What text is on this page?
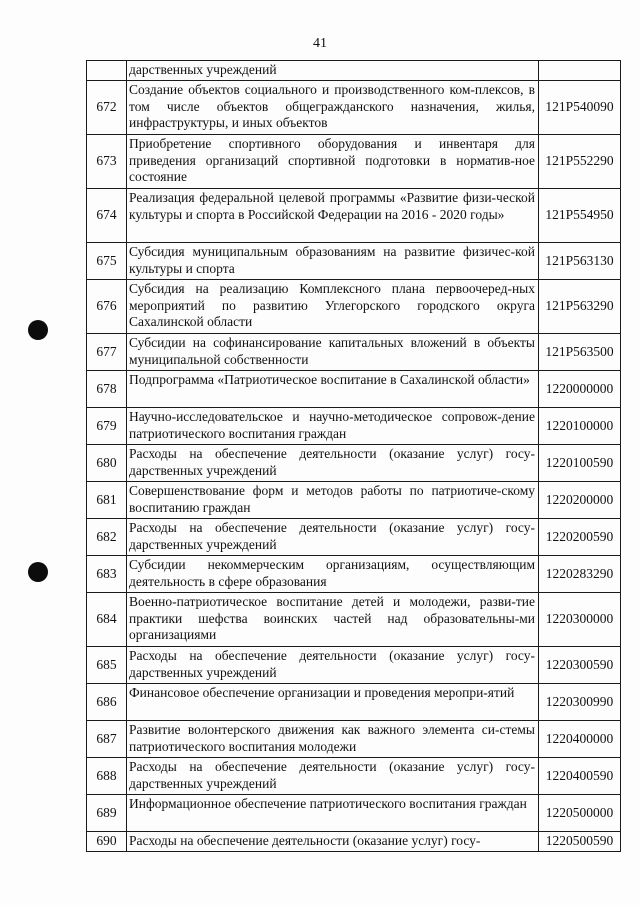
41
	дарственных учреждений	
672	Создание объектов социального и производственного ком-плексов, в том числе объектов общегражданского назначения, жилья, инфраструктуры, и иных объектов	121P540090
673	Приобретение спортивного оборудования и инвентаря для приведения организаций спортивной подготовки в норматив-ное состояние	121P552290
674	Реализация федеральной целевой программы «Развитие физи-ческой культуры и спорта в Российской Федерации на 2016 - 2020 годы»	121P554950
675	Субсидия муниципальным образованиям на развитие физичес-кой культуры и спорта	121P563130
676	Субсидия на реализацию Комплексного плана первоочеред-ных мероприятий по развитию Углегорского городского округа Сахалинской области	121P563290
677	Субсидии на софинансирование капитальных вложений в объекты муниципальной собственности	121P563500
678	Подпрограмма «Патриотическое воспитание в Сахалинской области»	1220000000
679	Научно-исследовательское и научно-методическое сопровож-дение патриотического воспитания граждан	1220100000
680	Расходы на обеспечение деятельности (оказание услуг) госу-дарственных учреждений	1220100590
681	Совершенствование форм и методов работы по патриотиче-скому воспитанию граждан	1220200000
682	Расходы на обеспечение деятельности (оказание услуг) госу-дарственных учреждений	1220200590
683	Субсидии некоммерческим организациям, осуществляющим деятельность в сфере образования	1220283290
684	Военно-патриотическое воспитание детей и молодежи, разви-тие практики шефства воинских частей над образовательны-ми организациями	1220300000
685	Расходы на обеспечение деятельности (оказание услуг) госу-дарственных учреждений	1220300590
686	Финансовое обеспечение организации и проведения меропри-ятий	1220300990
687	Развитие волонтерского движения как важного элемента си-стемы патриотического воспитания молодежи	1220400000
688	Расходы на обеспечение деятельности (оказание услуг) госу-дарственных учреждений	1220400590
689	Информационное обеспечение патриотического воспитания граждан	1220500000
690	Расходы на обеспечение деятельности (оказание услуг) госу-	1220500590
